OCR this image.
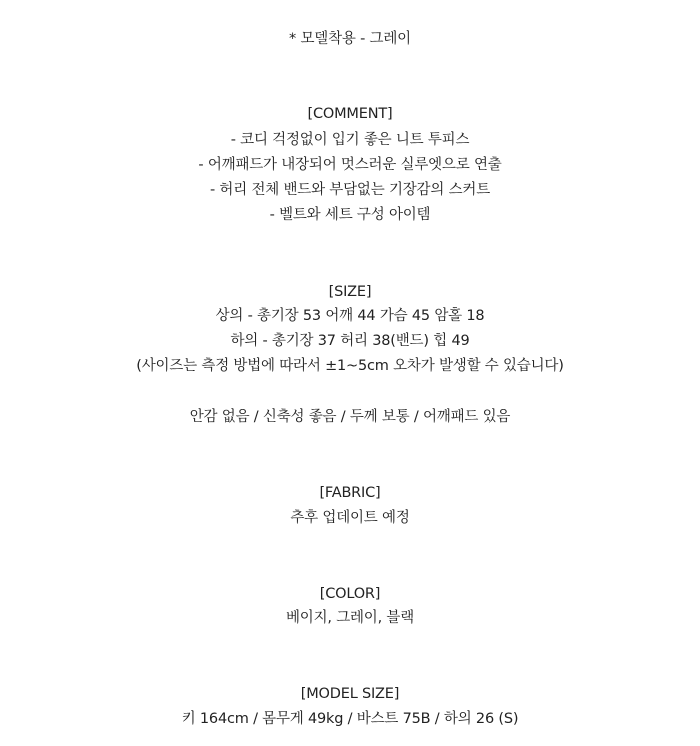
* 모델착용 - 그레이
[COMMENT]
- 코디 걱정없이 입기 좋은 니트 투피스
- 어깨패드가 내장되어 멋스러운 실루엣으로 연출
- 허리 전체 밴드와 부담없는 기장감의 스커트
- 벨트와 세트 구성 아이템
[SIZE]
상의 - 총기장 53 어깨 44 가슴 45 암홀 18
하의 - 총기장 37 허리 38(밴드) 힙 49
(사이즈는 측정 방법에 따라서 ±1~5cm 오차가 발생할 수 있습니다)
안감 없음 / 신축성 좋음 / 두께 보통 / 어깨패드 있음
[FABRIC]
추후 업데이트 예정
[COLOR]
베이지, 그레이, 블랙
[MODEL SIZE]
키 164cm / 몸무게 49kg / 바스트 75B / 하의 26 (S)
